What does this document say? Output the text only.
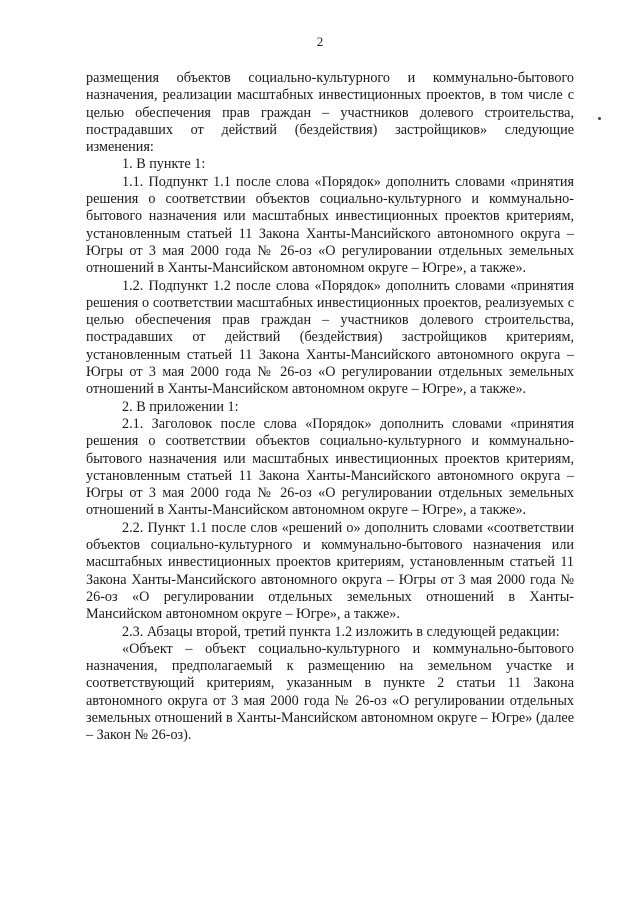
2

размещения объектов социально-культурного и коммунально-бытового назначения, реализации масштабных инвестиционных проектов, в том числе с целью обеспечения прав граждан – участников долевого строительства, пострадавших от действий (бездействия) застройщиков» следующие изменения:

1. В пункте 1:

1.1. Подпункт 1.1 после слова «Порядок» дополнить словами «принятия решения о соответствии объектов социально-культурного и коммунально-бытового назначения или масштабных инвестиционных проектов критериям, установленным статьей 11 Закона Ханты-Мансийского автономного округа – Югры от 3 мая 2000 года № 26-оз «О регулировании отдельных земельных отношений в Ханты-Мансийском автономном округе – Югре», а также».

1.2. Подпункт 1.2 после слова «Порядок» дополнить словами «принятия решения о соответствии масштабных инвестиционных проектов, реализуемых с целью обеспечения прав граждан – участников долевого строительства, пострадавших от действий (бездействия) застройщиков критериям, установленным статьей 11 Закона Ханты-Мансийского автономного округа – Югры от 3 мая 2000 года № 26-оз «О регулировании отдельных земельных отношений в Ханты-Мансийском автономном округе – Югре», а также».

2. В приложении 1:

2.1. Заголовок после слова «Порядок» дополнить словами «принятия решения о соответствии объектов социально-культурного и коммунально-бытового назначения или масштабных инвестиционных проектов критериям, установленным статьей 11 Закона Ханты-Мансийского автономного округа – Югры от 3 мая 2000 года № 26-оз «О регулировании отдельных земельных отношений в Ханты-Мансийском автономном округе – Югре», а также».

2.2. Пункт 1.1 после слов «решений о» дополнить словами «соответствии объектов социально-культурного и коммунально-бытового назначения или масштабных инвестиционных проектов критериям, установленным статьей 11 Закона Ханты-Мансийского автономного округа – Югры от 3 мая 2000 года № 26-оз «О регулировании отдельных земельных отношений в Ханты-Мансийском автономном округе – Югре», а также».

2.3. Абзацы второй, третий пункта 1.2 изложить в следующей редакции:

«Объект – объект социально-культурного и коммунально-бытового назначения, предполагаемый к размещению на земельном участке и соответствующий критериям, указанным в пункте 2 статьи 11 Закона автономного округа от 3 мая 2000 года № 26-оз «О регулировании отдельных земельных отношений в Ханты-Мансийском автономном округе – Югре» (далее – Закон № 26-оз).
